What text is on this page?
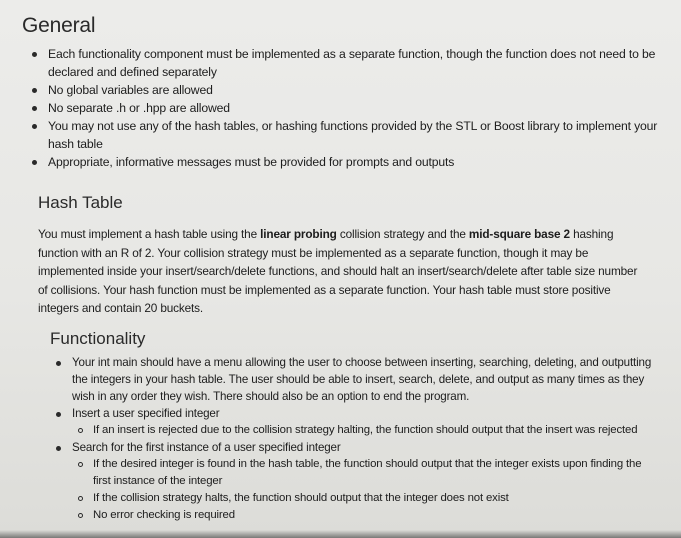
General
Each functionality component must be implemented as a separate function, though the function does not need to be declared and defined separately
No global variables are allowed
No separate .h or .hpp are allowed
You may not use any of the hash tables, or hashing functions provided by the STL or Boost library to implement your hash table
Appropriate, informative messages must be provided for prompts and outputs
Hash Table
You must implement a hash table using the linear probing collision strategy and the mid-square base 2 hashing function with an R of 2. Your collision strategy must be implemented as a separate function, though it may be implemented inside your insert/search/delete functions, and should halt an insert/search/delete after table size number of collisions. Your hash function must be implemented as a separate function. Your hash table must store positive integers and contain 20 buckets.
Functionality
Your int main should have a menu allowing the user to choose between inserting, searching, deleting, and outputting the integers in your hash table. The user should be able to insert, search, delete, and output as many times as they wish in any order they wish. There should also be an option to end the program.
Insert a user specified integer
If an insert is rejected due to the collision strategy halting, the function should output that the insert was rejected
Search for the first instance of a user specified integer
If the desired integer is found in the hash table, the function should output that the integer exists upon finding the first instance of the integer
If the collision strategy halts, the function should output that the integer does not exist
No error checking is required
